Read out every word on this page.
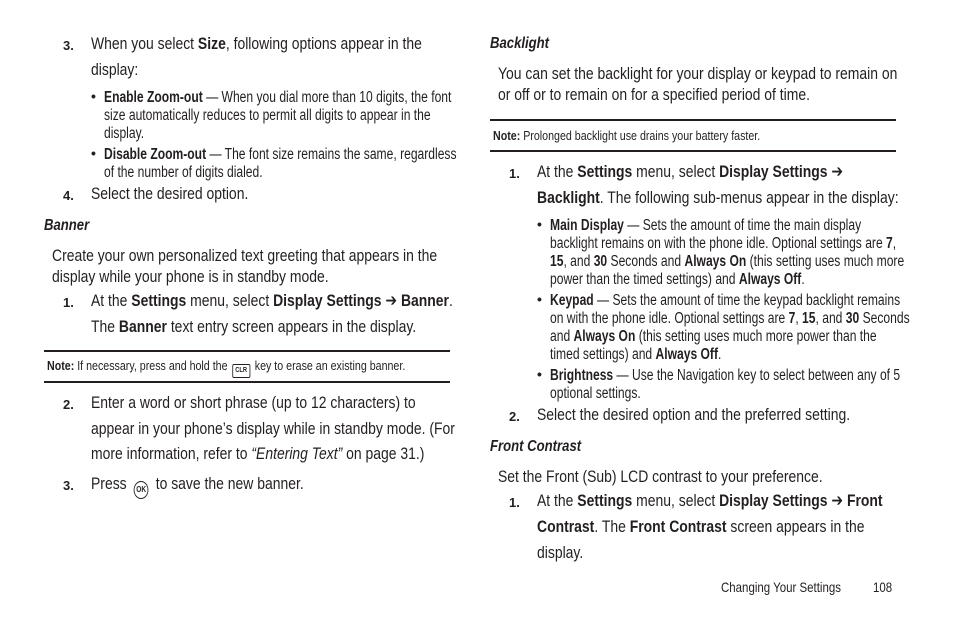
3. When you select Size, following options appear in the
display:
• Enable Zoom-out — When you dial more than 10 digits, the font
size automatically reduces to permit all digits to appear in the
display.
• Disable Zoom-out — The font size remains the same, regardless
of the number of digits dialed.
4. Select the desired option.
Banner
Create your own personalized text greeting that appears in the
display while your phone is in standby mode.
1. At the Settings menu, select Display Settings ➔ Banner.
The Banner text entry screen appears in the display.
Note: If necessary, press and hold the CLR key to erase an existing banner.
2. Enter a word or short phrase (up to 12 characters) to
appear in your phone’s display while in standby mode. (For
more information, refer to “Entering Text” on page 31.)
3. Press OK to save the new banner.
Backlight
You can set the backlight for your display or keypad to remain on
or off or to remain on for a specified period of time.
Note: Prolonged backlight use drains your battery faster.
1. At the Settings menu, select Display Settings ➔
Backlight. The following sub-menus appear in the display:
• Main Display — Sets the amount of time the main display
backlight remains on with the phone idle. Optional settings are 7,
15, and 30 Seconds and Always On (this setting uses much more
power than the timed settings) and Always Off.
• Keypad — Sets the amount of time the keypad backlight remains
on with the phone idle. Optional settings are 7, 15, and 30 Seconds
and Always On (this setting uses much more power than the
timed settings) and Always Off.
• Brightness — Use the Navigation key to select between any of 5
optional settings.
2. Select the desired option and the preferred setting.
Front Contrast
Set the Front (Sub) LCD contrast to your preference.
1. At the Settings menu, select Display Settings ➔ Front
Contrast. The Front Contrast screen appears in the
display.
Changing Your Settings	108
